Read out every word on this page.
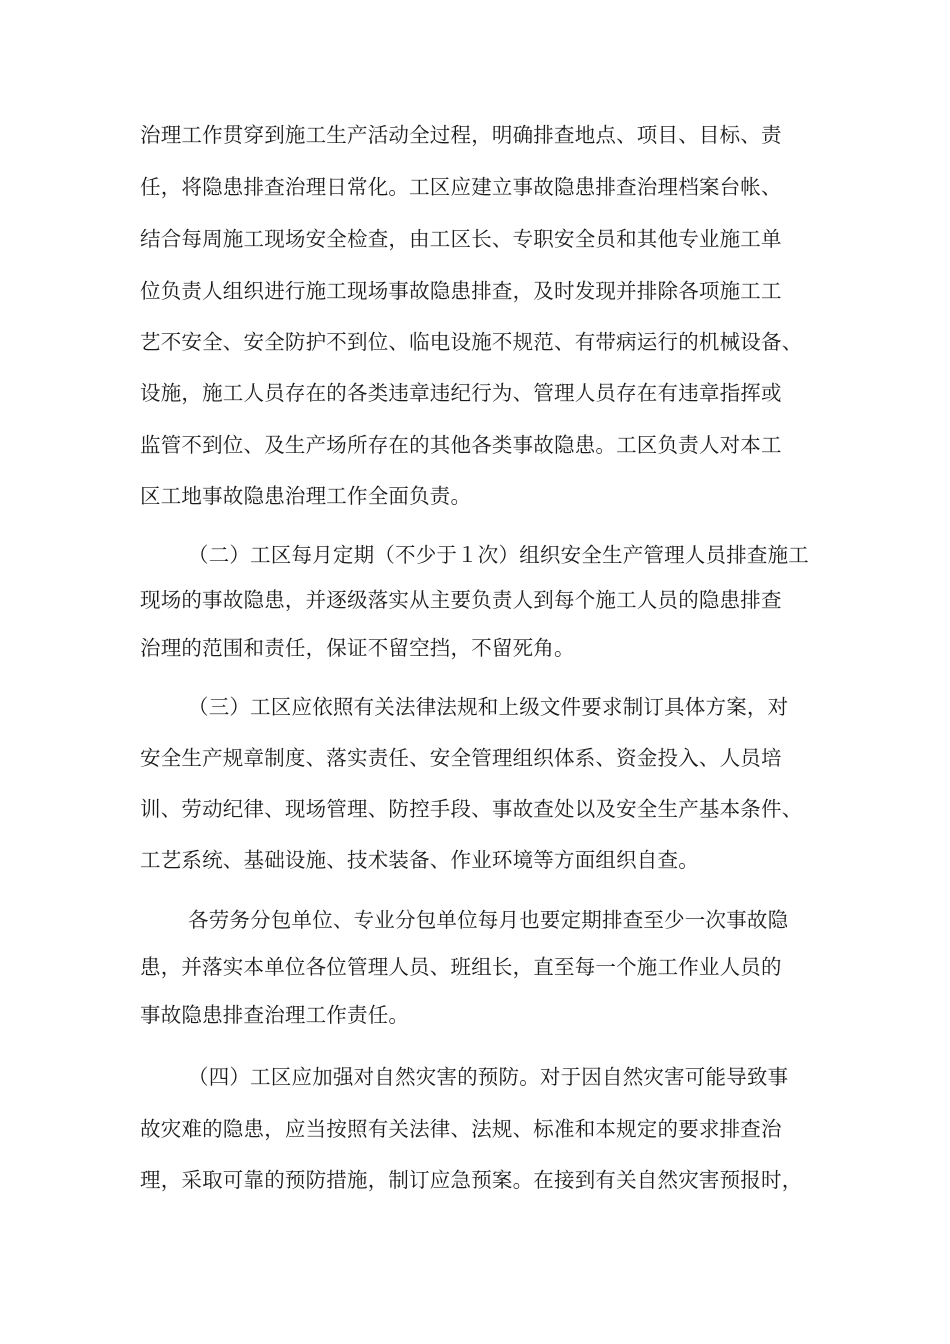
治理工作贯穿到施工生产活动全过程，明确排查地点、项目、目标、责

任，将隐患排查治理日常化。工区应建立事故隐患排查治理档案台帐、

结合每周施工现场安全检查，由工区长、专职安全员和其他专业施工单

位负责人组织进行施工现场事故隐患排查，及时发现并排除各项施工工

艺不安全、安全防护不到位、临电设施不规范、有带病运行的机械设备、

设施，施工人员存在的各类违章违纪行为、管理人员存在有违章指挥或

监管不到位、及生产场所存在的其他各类事故隐患。工区负责人对本工

区工地事故隐患治理工作全面负责。

（二）工区每月定期（不少于１次）组织安全生产管理人员排查施工

现场的事故隐患，并逐级落实从主要负责人到每个施工人员的隐患排查

治理的范围和责任，保证不留空挡，不留死角。

（三）工区应依照有关法律法规和上级文件要求制订具体方案，对

安全生产规章制度、落实责任、安全管理组织体系、资金投入、人员培

训、劳动纪律、现场管理、防控手段、事故查处以及安全生产基本条件、

工艺系统、基础设施、技术装备、作业环境等方面组织自查。

各劳务分包单位、专业分包单位每月也要定期排查至少一次事故隐

患，并落实本单位各位管理人员、班组长，直至每一个施工作业人员的

事故隐患排查治理工作责任。

（四）工区应加强对自然灾害的预防。对于因自然灾害可能导致事

故灾难的隐患，应当按照有关法律、法规、标准和本规定的要求排查治

理，采取可靠的预防措施，制订应急预案。在接到有关自然灾害预报时，
